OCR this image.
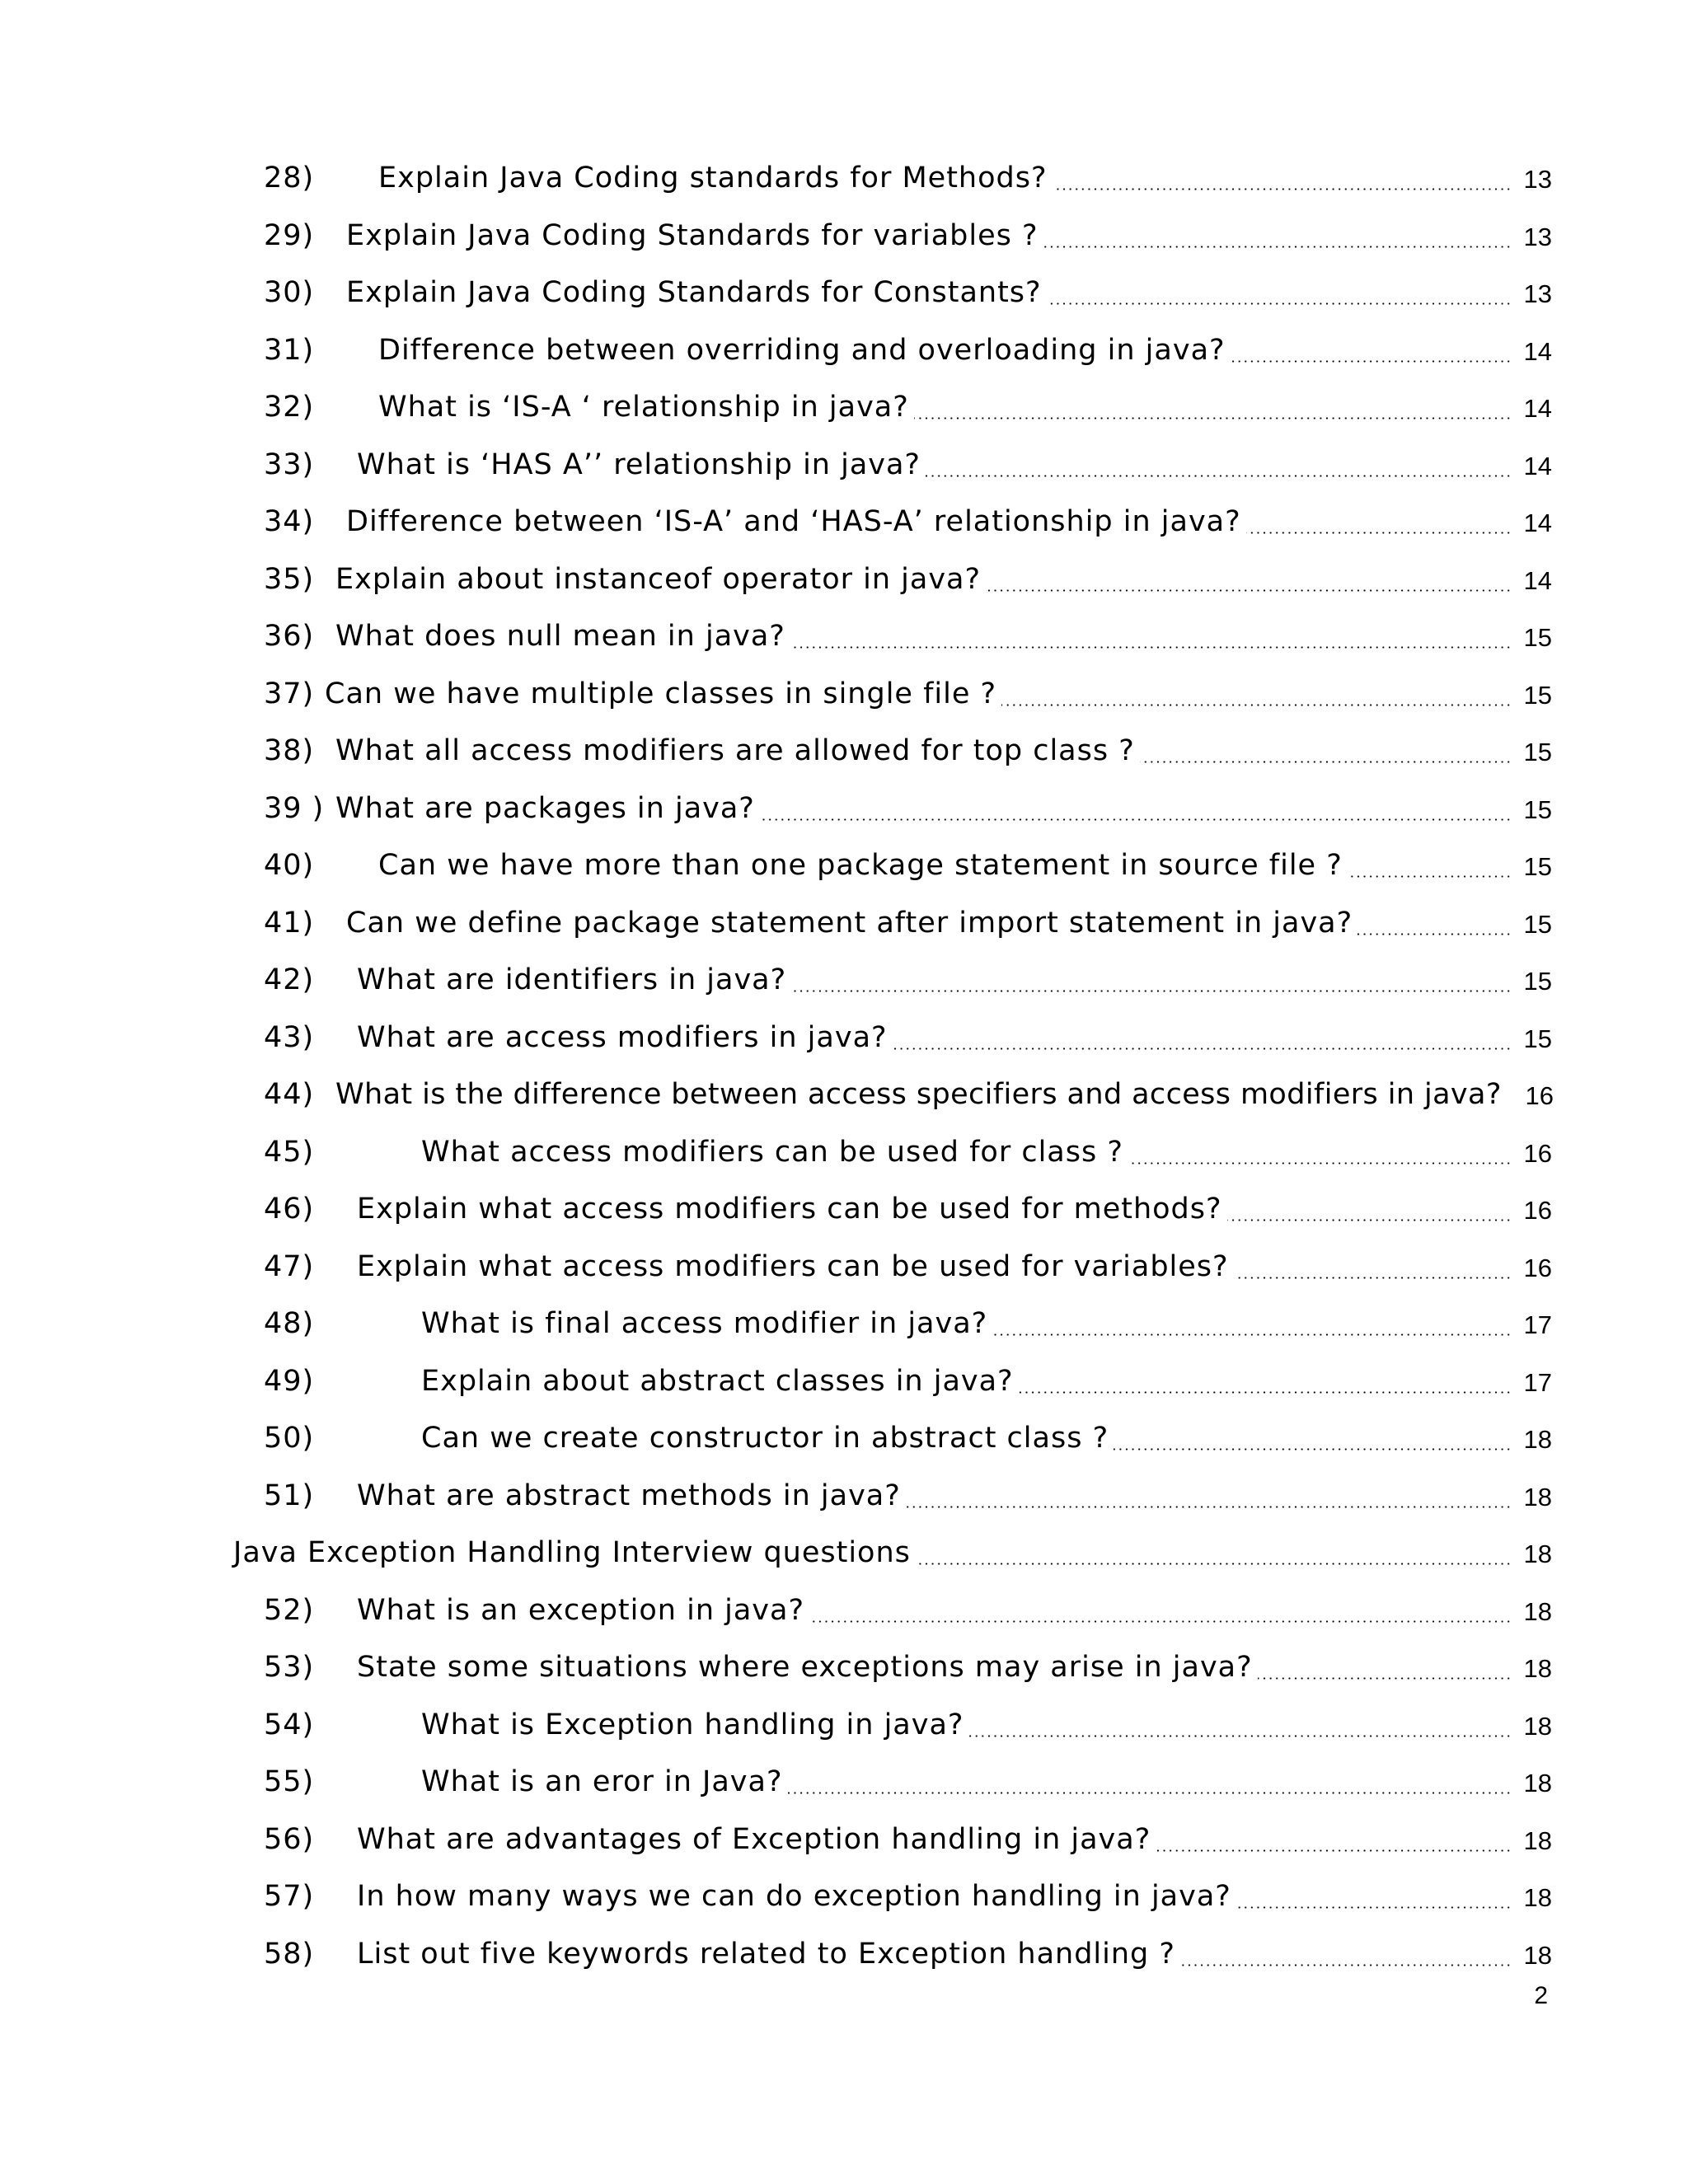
28) Explain Java Coding standards for Methods?	13
29) Explain Java Coding Standards for variables ?	13
30) Explain Java Coding Standards for Constants?	13
31) Difference between overriding and overloading in java?	14
32) What is ‘IS-A ‘ relationship in java?	14
33) What is ‘HAS A’’ relationship in java?	14
34) Difference between ‘IS-A’ and ‘HAS-A’ relationship in java?	14
35) Explain about instanceof operator in java?	14
36) What does null mean in java?	15
37) Can we have multiple classes in single file ?	15
38) What all access modifiers are allowed for top class ?	15
39 ) What are packages in java?	15
40) Can we have more than one package statement in source file ?	15
41) Can we define package statement after import statement in java?	15
42) What are identifiers in java?	15
43) What are access modifiers in java?	15
44) What is the difference between access specifiers and access modifiers in java? 16
45)	What access modifiers can be used for class ?	16
46) Explain what access modifiers can be used for methods?	16
47) Explain what access modifiers can be used for variables?	16
48)	What is final access modifier in java?	17
49)	Explain about abstract classes in java?	17
50)	Can we create constructor in abstract class ?	18
51) What are abstract methods in java?	18
Java Exception Handling Interview questions	18
52) What is an exception in java?	18
53) State some situations where exceptions may arise in java?	18
54)	What is Exception handling in java?	18
55)	What is an eror in Java?	18
56) What are advantages of Exception handling in java?	18
57) In how many ways we can do exception handling in java?	18
58) List out five keywords related to Exception handling ?	18
2
